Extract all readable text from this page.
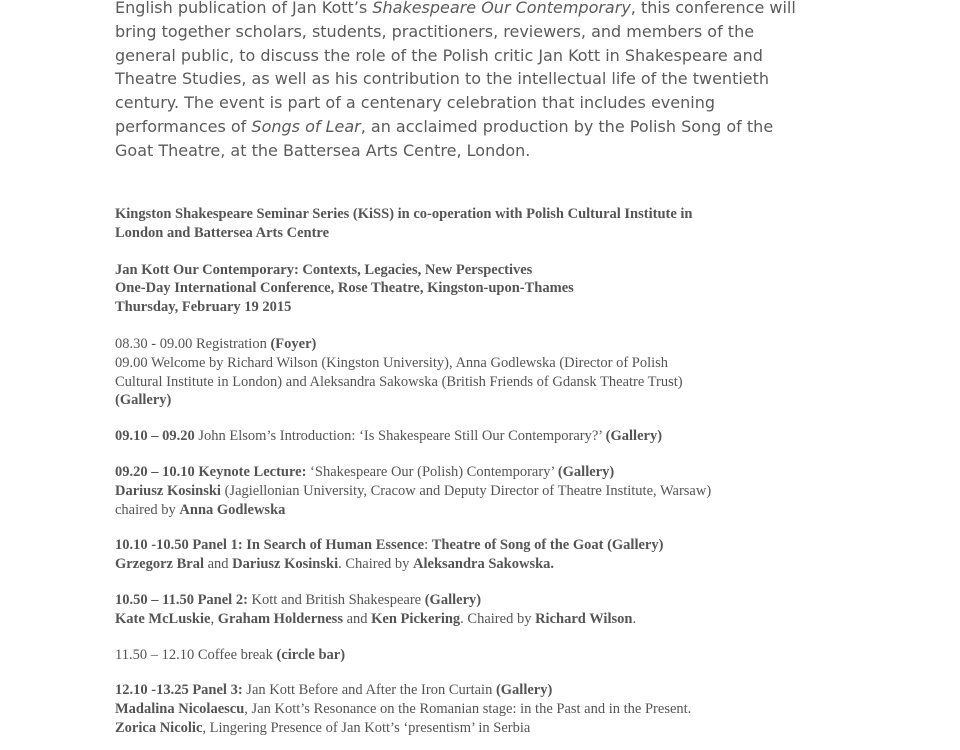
English publication of Jan Kott’s Shakespeare Our Contemporary, this conference will

bring together scholars, students, practitioners, reviewers, and members of the

general public, to discuss the role of the Polish critic Jan Kott in Shakespeare and

Theatre Studies, as well as his contribution to the intellectual life of the twentieth

century. The event is part of a centenary celebration that includes evening

performances of Songs of Lear, an acclaimed production by the Polish Song of the

Goat Theatre, at the Battersea Arts Centre, London.

Kingston Shakespeare Seminar Series (KiSS) in co-operation with Polish Cultural Institute in

London and Battersea Arts Centre

Jan Kott Our Contemporary: Contexts, Legacies, New Perspectives

One-Day International Conference, Rose Theatre, Kingston-upon-Thames

Thursday, February 19 2015

08.30 - 09.00 Registration (Foyer)

09.00 Welcome by Richard Wilson (Kingston University), Anna Godlewska (Director of Polish

Cultural Institute in London) and Aleksandra Sakowska (British Friends of Gdansk Theatre Trust)

(Gallery)

09.10 – 09.20 John Elsom’s Introduction: ‘Is Shakespeare Still Our Contemporary?’ (Gallery)

09.20 – 10.10 Keynote Lecture: ‘Shakespeare Our (Polish) Contemporary’ (Gallery)

Dariusz Kosinski (Jagiellonian University, Cracow and Deputy Director of Theatre Institute, Warsaw)

chaired by Anna Godlewska

10.10 -10.50 Panel 1: In Search of Human Essence: Theatre of Song of the Goat (Gallery)

Grzegorz Bral and Dariusz Kosinski. Chaired by Aleksandra Sakowska.

10.50 – 11.50 Panel 2: Kott and British Shakespeare (Gallery)

Kate McLuskie, Graham Holderness and Ken Pickering. Chaired by Richard Wilson.

11.50 – 12.10 Coffee break (circle bar)

12.10 -13.25 Panel 3: Jan Kott Before and After the Iron Curtain (Gallery)

Madalina Nicolaescu, Jan Kott’s Resonance on the Romanian stage: in the Past and in the Present.

Zorica Nicolic, Lingering Presence of Jan Kott’s ‘presentism’ in Serbia
